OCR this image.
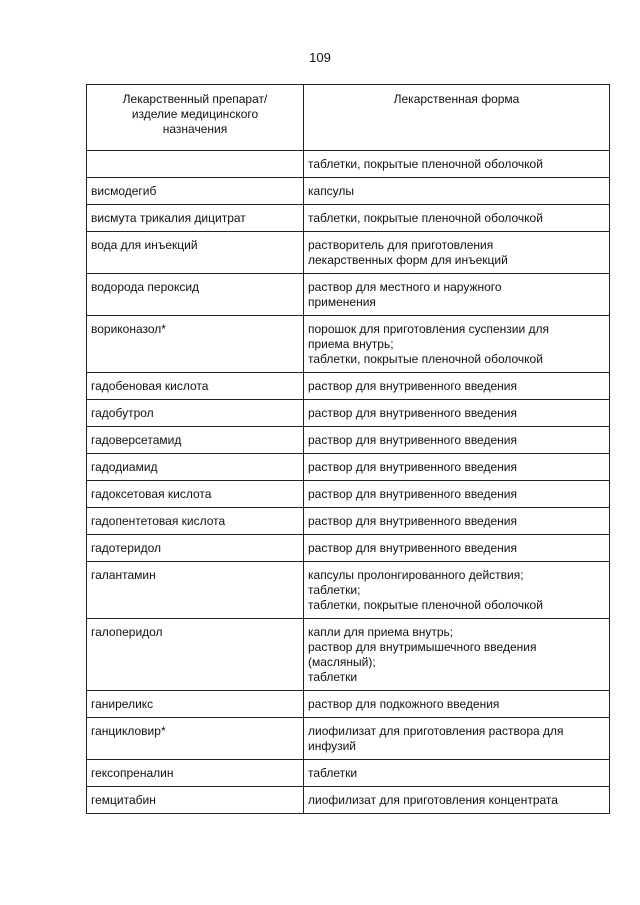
109
Лекарственный препарат/
изделие медицинского
назначения	Лекарственная форма
	таблетки, покрытые пленочной оболочкой
висмодегиб	капсулы
висмута трикалия дицитрат	таблетки, покрытые пленочной оболочкой
вода для инъекций	растворитель для приготовления
лекарственных форм для инъекций
водорода пероксид	раствор для местного и наружного
применения
вориконазол*	порошок для приготовления суспензии для
приема внутрь;
таблетки, покрытые пленочной оболочкой
гадобеновая кислота	раствор для внутривенного введения
гадобутрол	раствор для внутривенного введения
гадоверсетамид	раствор для внутривенного введения
гадодиамид	раствор для внутривенного введения
гадоксетовая кислота	раствор для внутривенного введения
гадопентетовая кислота	раствор для внутривенного введения
гадотеридол	раствор для внутривенного введения
галантамин	капсулы пролонгированного действия;
таблетки;
таблетки, покрытые пленочной оболочкой
галоперидол	капли для приема внутрь;
раствор для внутримышечного введения
(масляный);
таблетки
ганиреликс	раствор для подкожного введения
ганцикловир*	лиофилизат для приготовления раствора для
инфузий
гексопреналин	таблетки
гемцитабин	лиофилизат для приготовления концентрата
